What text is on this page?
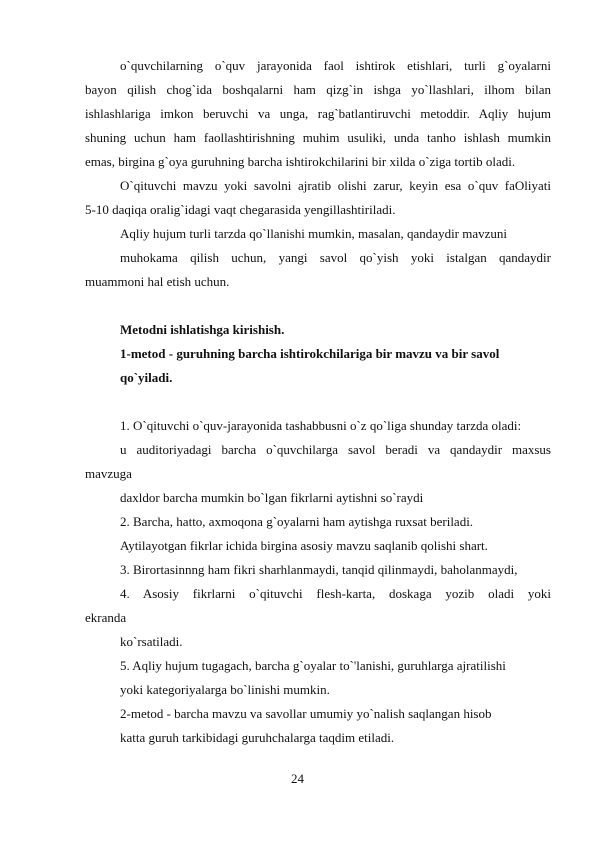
o`quvchilarning o`quv jarayonida faol ishtirok etishlari, turli g`oyalarni
bayon qilish chog`ida boshqalarni ham qizg`in ishga yo`llashlari, ilhom bilan
ishlashlariga imkon beruvchi va unga, rag`batlantiruvchi metoddir. Aqliy hujum
shuning uchun ham faollashtirishning muhim usuliki, unda tanho ishlash mumkin
emas, birgina g`oya guruhning barcha ishtirokchilarini bir xilda o`ziga tortib oladi.
O`qituvchi mavzu yoki savolni ajratib olishi zarur, keyin esa o`quv faOliyati
5-10 daqiqa oralig`idagi vaqt chegarasida yengillashtiriladi.
Aqliy hujum turli tarzda qo`llanishi mumkin, masalan, qandaydir mavzuni
muhokama qilish uchun, yangi savol qo`yish yoki istalgan qandaydir
muammoni hal etish uchun.
Metodni ishlatishga kirishish.
1-metod - guruhning barcha ishtirokchilariga bir mavzu va bir savol
qo`yiladi.
1. O`qituvchi o`quv-jarayonida tashabbusni o`z qo`liga shunday tarzda oladi:
u auditoriyadagi barcha o`quvchilarga savol beradi va qandaydir maxsus
mavzuga
daxldor barcha mumkin bo`lgan fikrlarni aytishni so`raydi
2. Barcha, hatto, axmoqona g`oyalarni ham aytishga ruxsat beriladi.
Aytilayotgan fikrlar ichida birgina asosiy mavzu saqlanib qolishi shart.
3. Birortasinnng ham fikri sharhlanmaydi, tanqid qilinmaydi, baholanmaydi,
4. Asosiy fikrlarni o`qituvchi flesh-karta, doskaga yozib oladi yoki
ekranda
ko`rsatiladi.
5. Aqliy hujum tugagach, barcha g`oyalar to`'lanishi, guruhlarga ajratilishi
yoki kategoriyalarga bo`linishi mumkin.
2-metod - barcha mavzu va savollar umumiy yo`nalish saqlangan hisob
katta guruh tarkibidagi guruhchalarga taqdim etiladi.
24
